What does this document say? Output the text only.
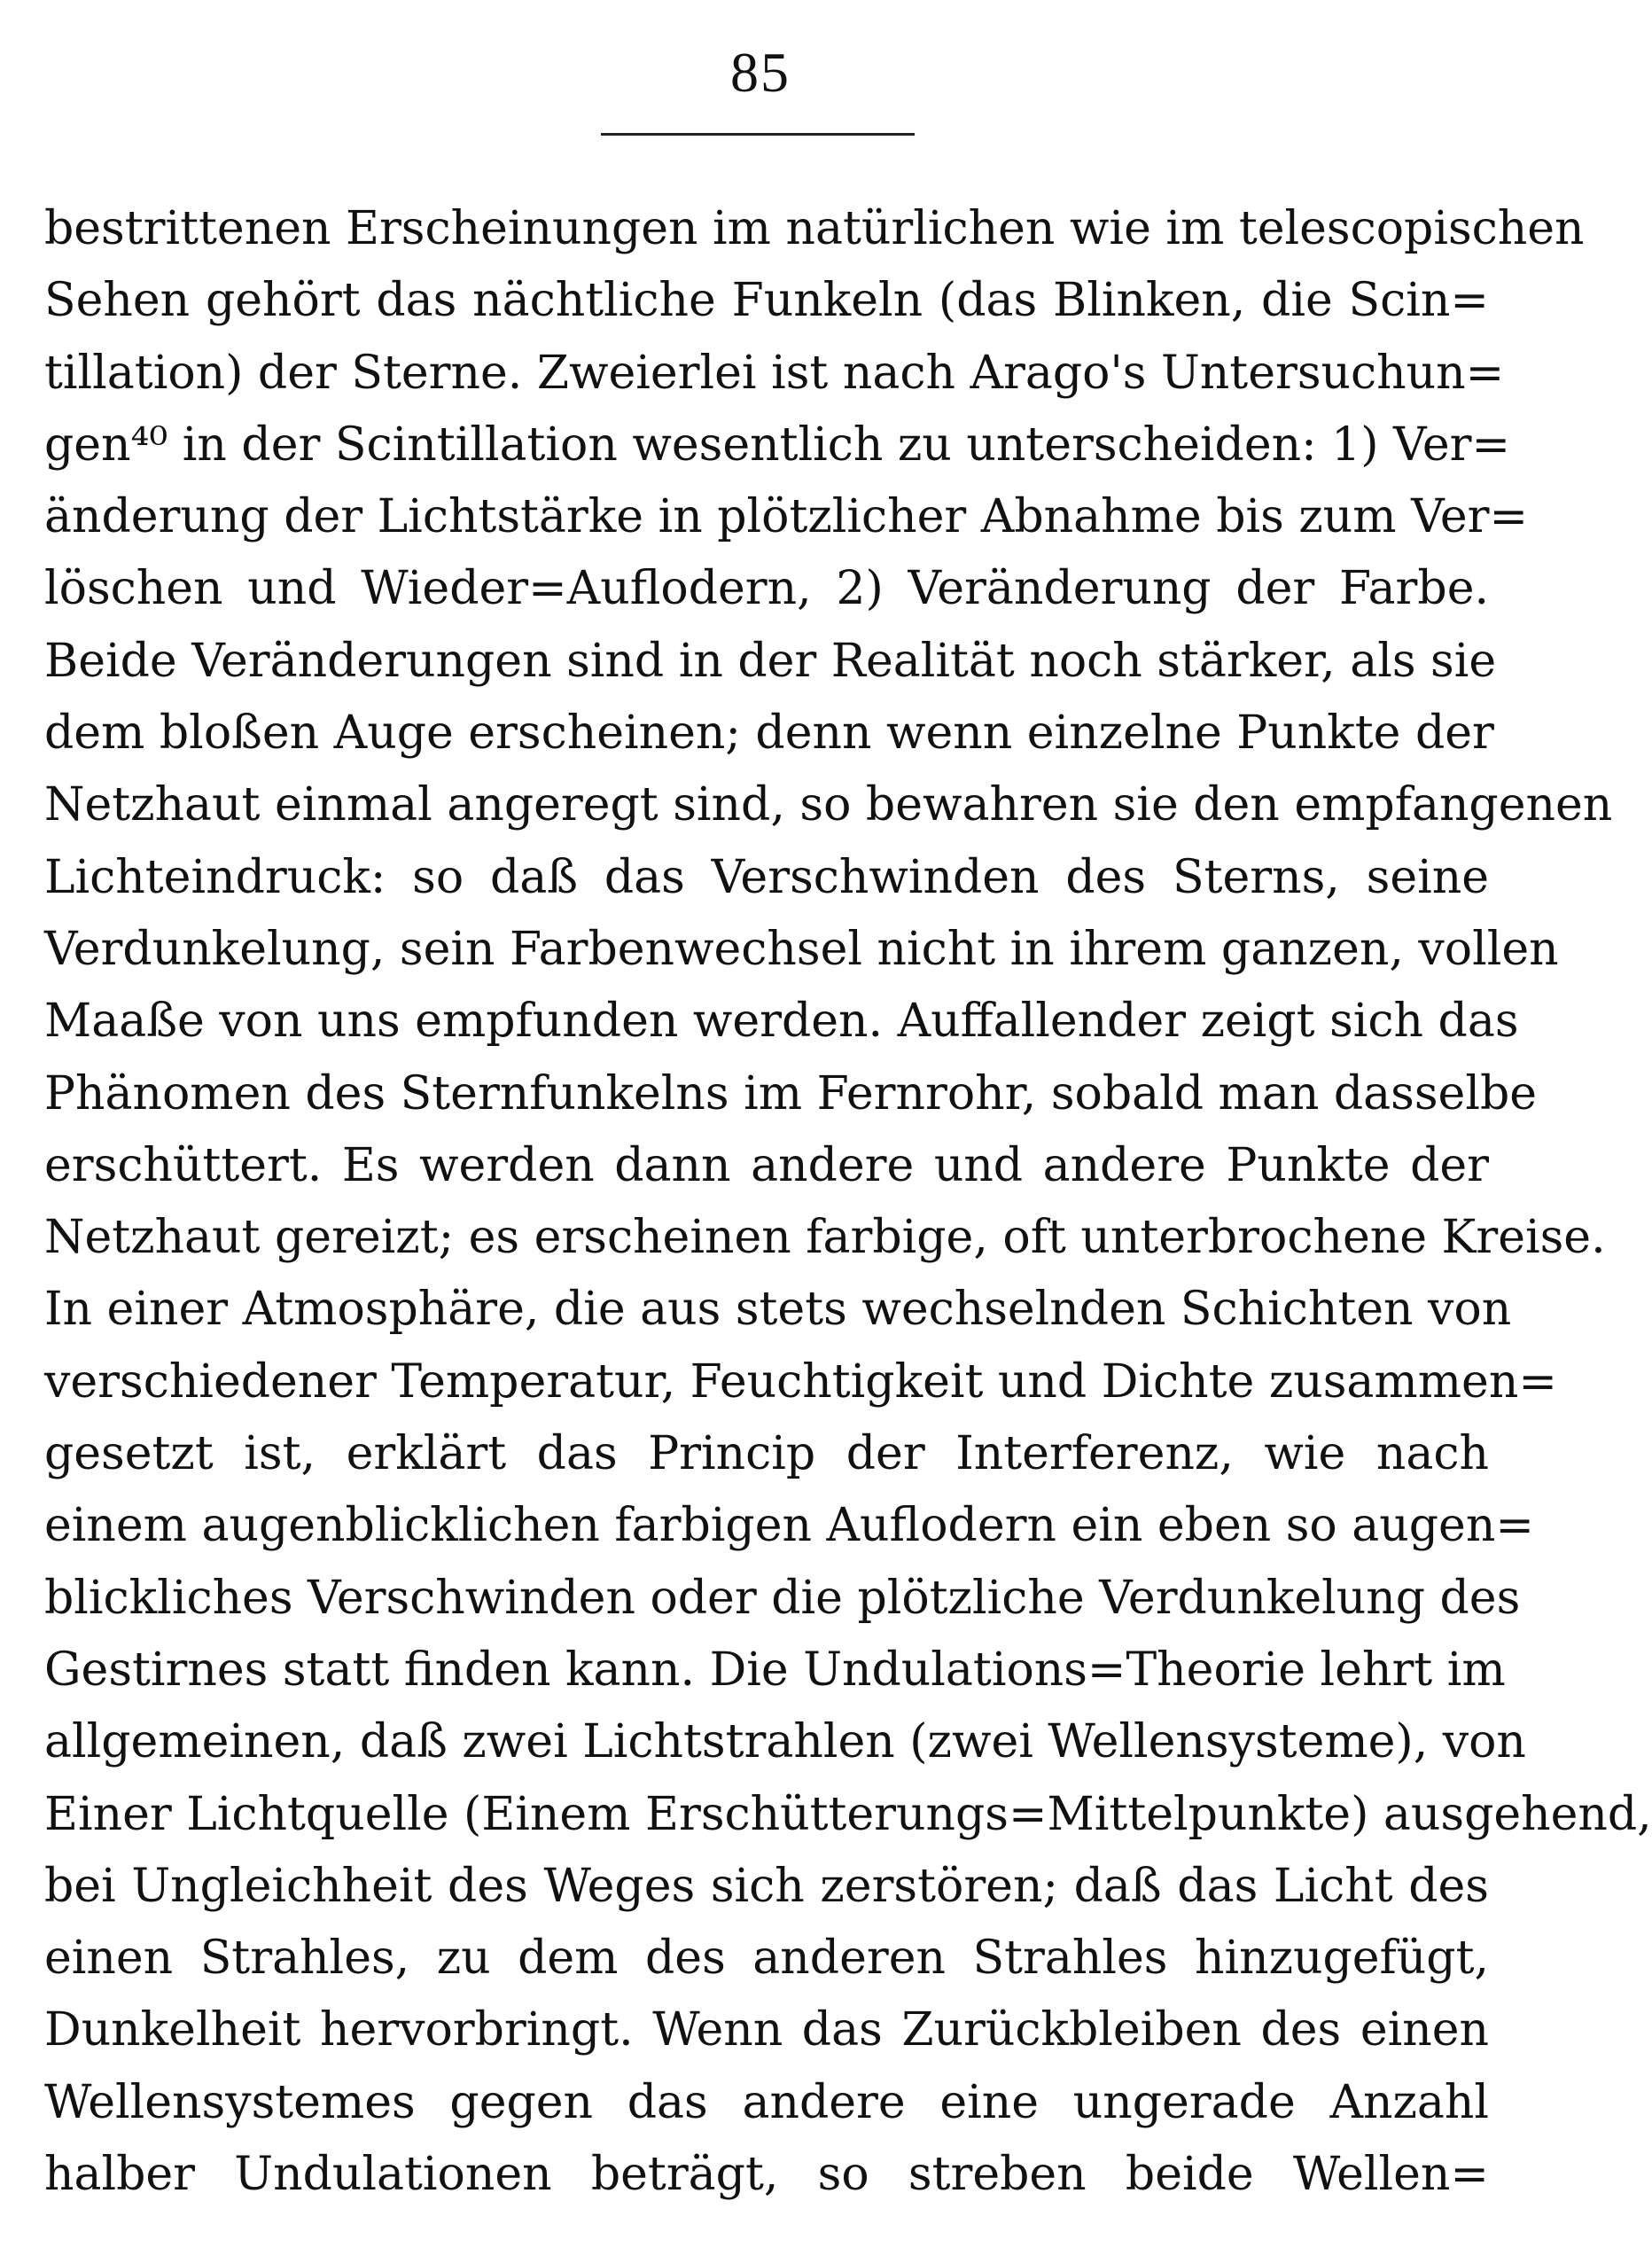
85
bestrittenen Erscheinungen im natürlichen wie im telescopischen
Sehen gehört das nächtliche Funkeln (das Blinken, die Scin=
tillation) der Sterne. Zweierlei ist nach Arago's Untersuchun=
gen⁴⁰ in der Scintillation wesentlich zu unterscheiden: 1) Ver=
änderung der Lichtstärke in plötzlicher Abnahme bis zum Ver=
löschen und Wieder=Auflodern, 2) Veränderung der Farbe.
Beide Veränderungen sind in der Realität noch stärker, als sie
dem bloßen Auge erscheinen; denn wenn einzelne Punkte der
Netzhaut einmal angeregt sind, so bewahren sie den empfangenen
Lichteindruck: so daß das Verschwinden des Sterns, seine
Verdunkelung, sein Farbenwechsel nicht in ihrem ganzen, vollen
Maaße von uns empfunden werden. Auffallender zeigt sich das
Phänomen des Sternfunkelns im Fernrohr, sobald man dasselbe
erschüttert. Es werden dann andere und andere Punkte der
Netzhaut gereizt; es erscheinen farbige, oft unterbrochene Kreise.
In einer Atmosphäre, die aus stets wechselnden Schichten von
verschiedener Temperatur, Feuchtigkeit und Dichte zusammen=
gesetzt ist, erklärt das Princip der Interferenz, wie nach
einem augenblicklichen farbigen Auflodern ein eben so augen=
blickliches Verschwinden oder die plötzliche Verdunkelung des
Gestirnes statt finden kann. Die Undulations=Theorie lehrt im
allgemeinen, daß zwei Lichtstrahlen (zwei Wellensysteme), von
Einer Lichtquelle (Einem Erschütterungs=Mittelpunkte) ausgehend,
bei Ungleichheit des Weges sich zerstören; daß das Licht des
einen Strahles, zu dem des anderen Strahles hinzugefügt,
Dunkelheit hervorbringt. Wenn das Zurückbleiben des einen
Wellensystemes gegen das andere eine ungerade Anzahl
halber Undulationen beträgt, so streben beide Wellen=
